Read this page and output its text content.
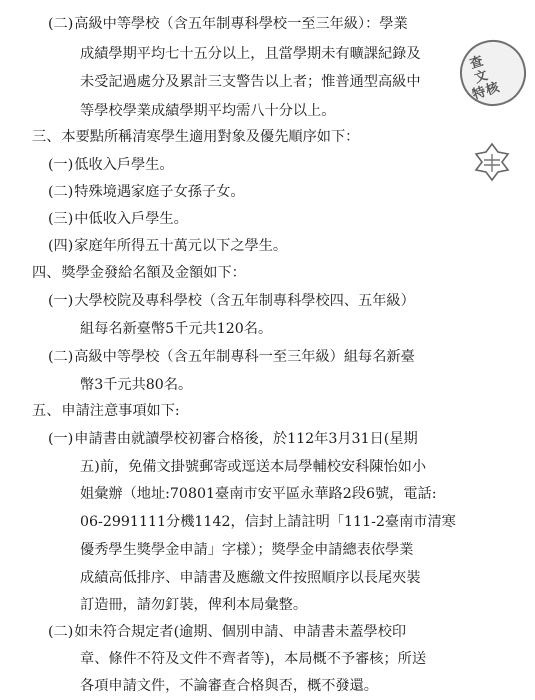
(二)高級中等學校（含五年制專科學校一至三年級）：學業
成績學期平均七十五分以上，且當學期未有曠課紀錄及
未受記過處分及累計三支警告以上者；惟普通型高級中
等學校學業成績學期平均需八十分以上。
三、本要點所稱清寒學生適用對象及優先順序如下：
(一)低收入戶學生。
(二)特殊境遇家庭子女孫子女。
(三)中低收入戶學生。
(四)家庭年所得五十萬元以下之學生。
四、獎學金發給名額及金額如下：
(一)大學校院及專科學校（含五年制專科學校四、五年級）
組每名新臺幣5千元共120名。
(二)高級中等學校（含五年制專科一至三年級）組每名新臺
幣3千元共80名。
五、申請注意事項如下:
(一)申請書由就讀學校初審合格後，於112年3月31日(星期
五)前，免備文掛號郵寄或逕送本局學輔校安科陳怡如小
姐彙辦（地址:70801臺南市安平區永華路2段6號，電話:
06-2991111分機1142，信封上請註明「111-2臺南市清寒
優秀學生獎學金申請」字樣）；獎學金申請總表依學業
成績高低排序、申請書及應繳文件按照順序以長尾夾裝
訂造冊，請勿釘裝，俾利本局彙整。
(二)如未符合規定者(逾期、個別申請、申請書未蓋學校印
章、條件不符及文件不齊者等)，本局概不予審核；所送
各項申請文件，不論審查合格與否，概不發還。
查 文 特核
